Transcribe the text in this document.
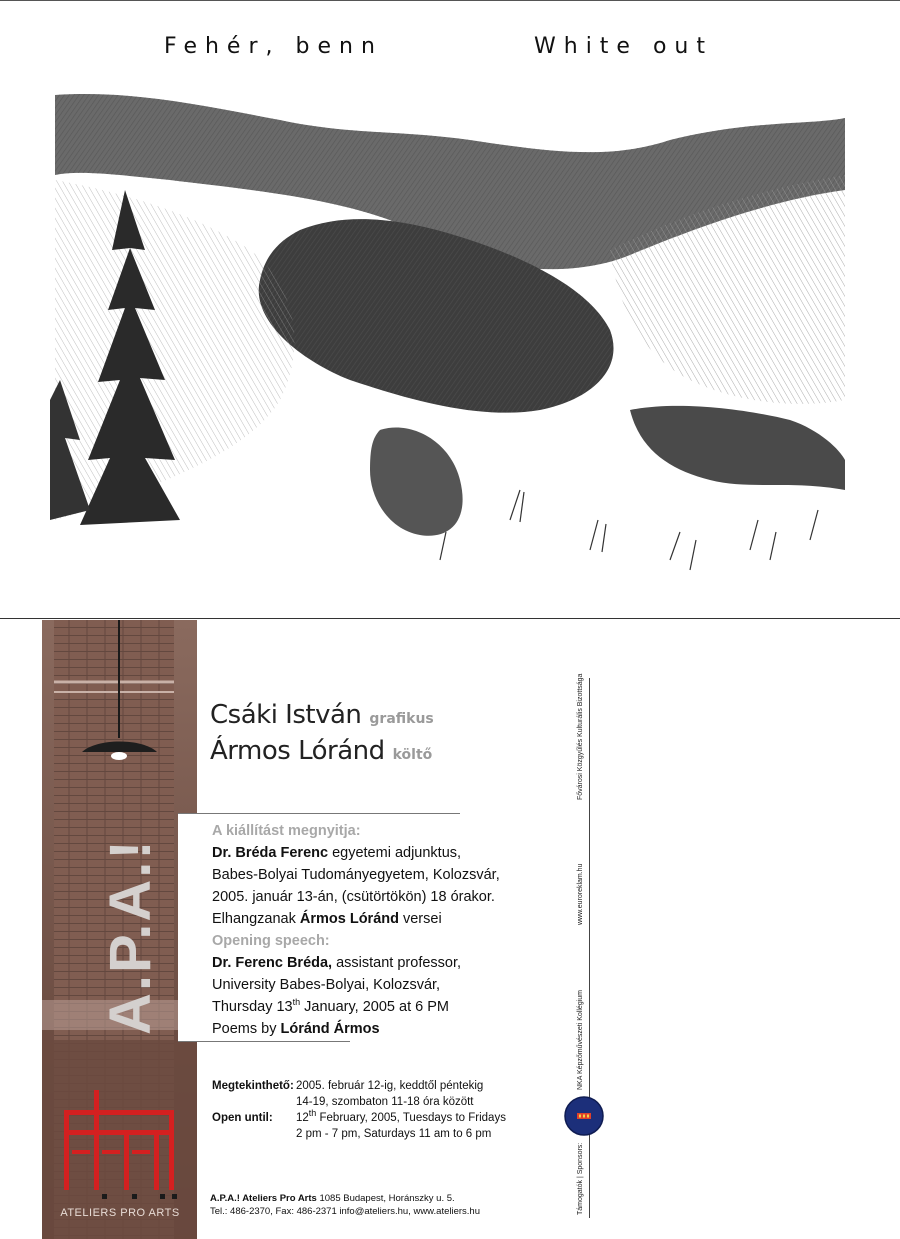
Fehér, benn	White out
A.P.A.!
ATELIERS PRO ARTS
Csáki István grafikus
Ármos Lóránd költő
A kiállítást megnyitja:
Dr. Bréda Ferenc egyetemi adjunktus,
Babes-Bolyai Tudományegyetem, Kolozsvár,
2005. január 13-án, (csütörtökön) 18 órakor.
Elhangzanak Ármos Lóránd versei
Opening speech:
Dr. Ferenc Bréda, assistant professor,
University Babes-Bolyai, Kolozsvár,
Thursday 13th January, 2005 at 6 PM
Poems by Lóránd Ármos
Megtekinthető: 2005. február 12-ig, keddtől péntekig
14-19, szombaton 11-18 óra között
Open until:	12th February, 2005, Tuesdays to Fridays
2 pm - 7 pm, Saturdays 11 am to 6 pm
A.P.A.! Ateliers Pro Arts 1085 Budapest, Horánszky u. 5.
Tel.: 486-2370, Fax: 486-2371 info@ateliers.hu, www.ateliers.hu
Fővárosi Közgyűlés Kulturális Bizottsága
www.euroreklam.hu
NKA Képzőművészeti Kollégium
Támogatók | Sponsors:
